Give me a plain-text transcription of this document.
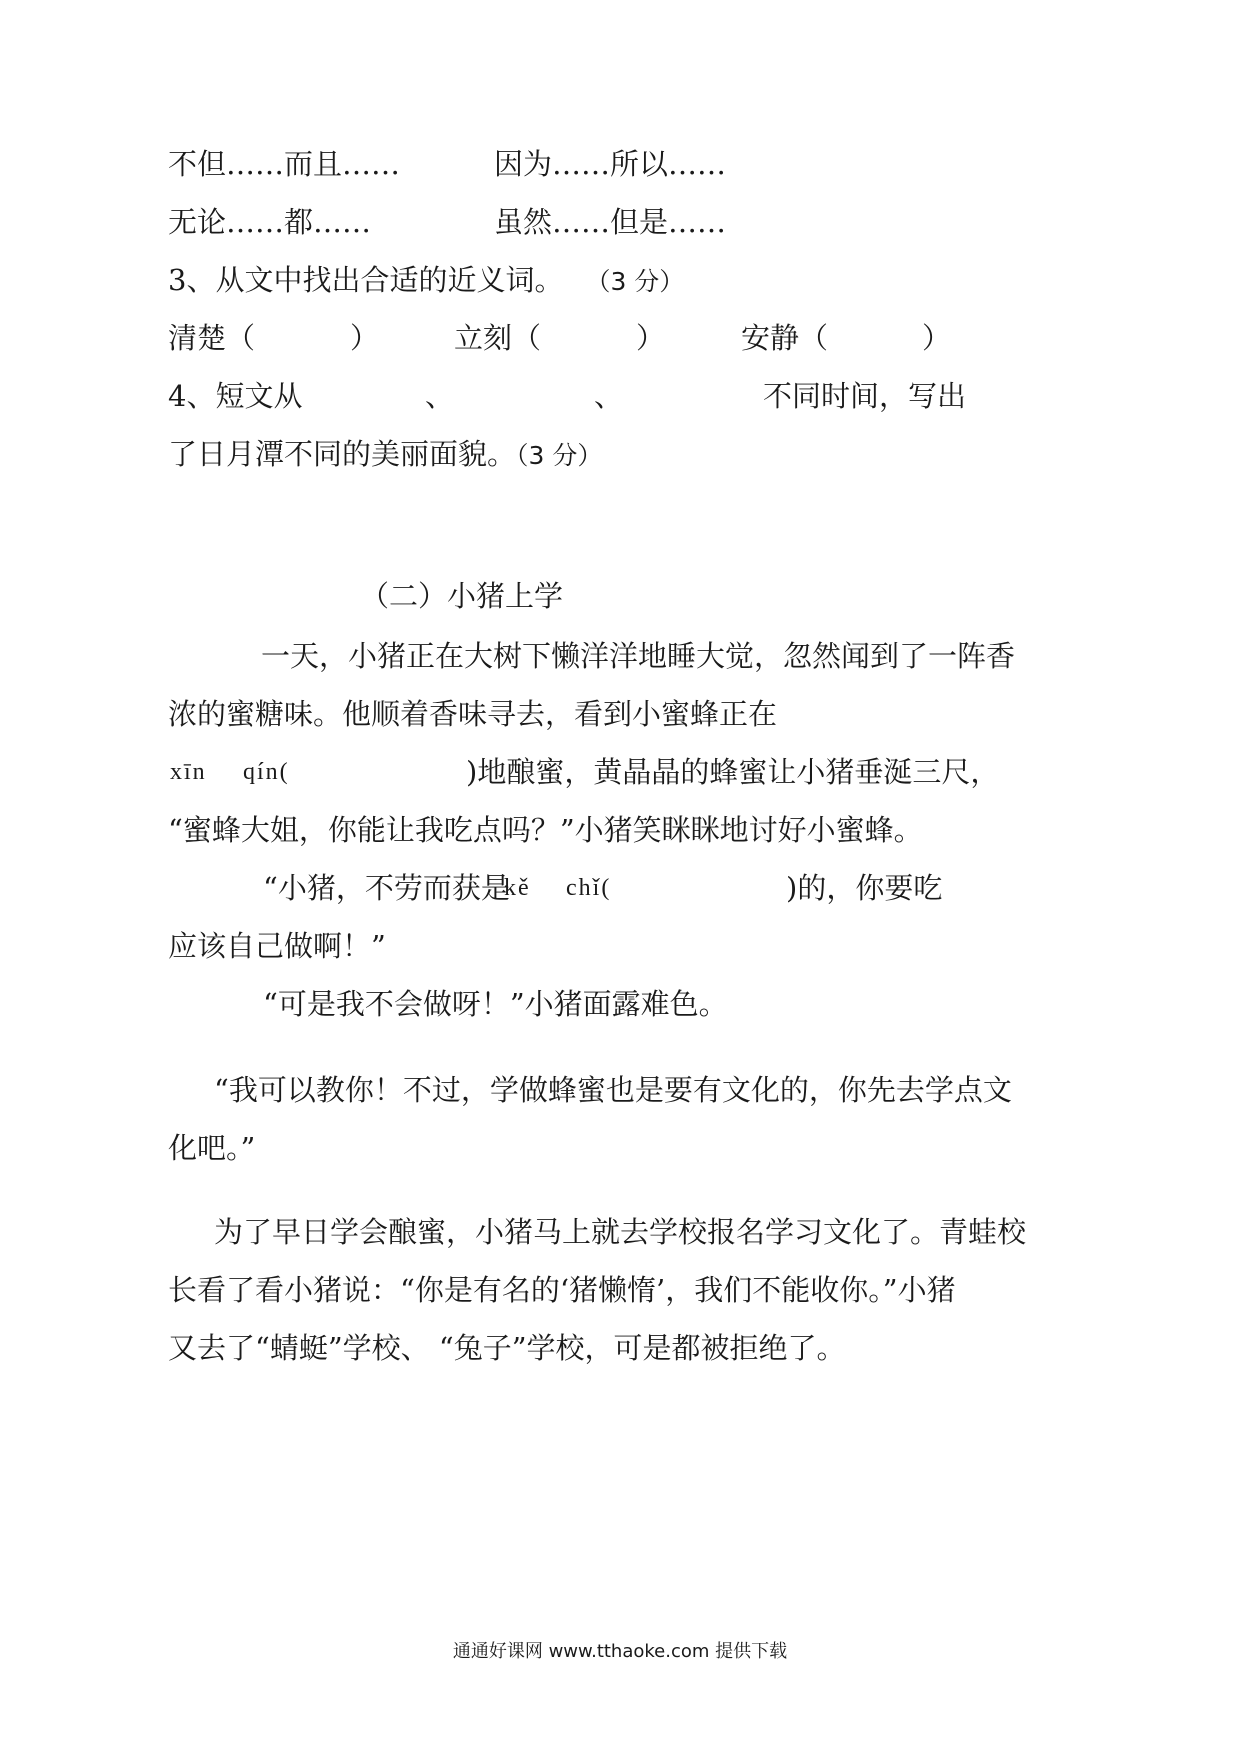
不但……而且……	因为……所以……
无论……都……	虽然……但是……
3、从文中找出合适的近义词。 （3 分）
清楚（	）	立刻（	）	安静（	）
4、短文从	、	、	不同时间，写出
了日月潭不同的美丽面貌。（3 分）
（二）小猪上学
一天，小猪正在大树下懒洋洋地睡大觉，忽然闻到了一阵香
浓的蜜糖味。他顺着香味寻去，看到小蜜蜂正在
xīn qín(	)地酿蜜，黄晶晶的蜂蜜让小猪垂涎三尺，
“蜜蜂大姐，你能让我吃点吗？”小猪笑眯眯地讨好小蜜蜂。
“小猪，不劳而获是
kě chǐ(	)的，你要吃
应该自己做啊！”
“可是我不会做呀！”小猪面露难色。
“我可以教你！不过，学做蜂蜜也是要有文化的，你先去学点文
化吧。”
为了早日学会酿蜜，小猪马上就去学校报名学习文化了。青蛙校
长看了看小猪说：“你是有名的‘猪懒惰’，我们不能收你。”小猪
又去了“蜻蜓”学校、 “兔子”学校，可是都被拒绝了。
通通好课网 www.tthaoke.com 提供下载
